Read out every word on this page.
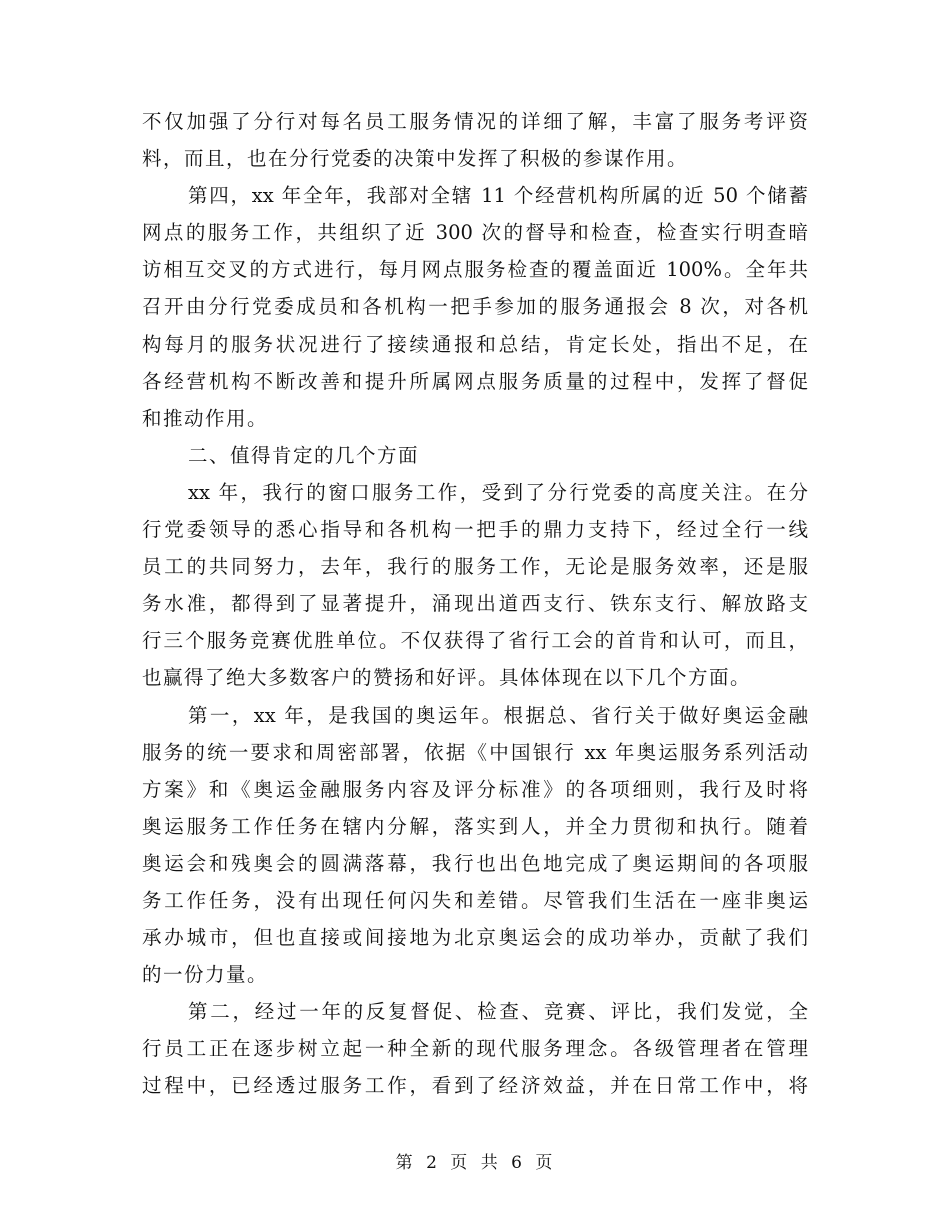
不仅加强了分行对每名员工服务情况的详细了解，丰富了服务考评资
料，而且，也在分行党委的决策中发挥了积极的参谋作用。
第四，xx 年全年，我部对全辖 11 个经营机构所属的近 50 个储蓄
网点的服务工作，共组织了近 300 次的督导和检查，检查实行明查暗
访相互交叉的方式进行，每月网点服务检查的覆盖面近 100%。全年共
召开由分行党委成员和各机构一把手参加的服务通报会 8 次，对各机
构每月的服务状况进行了接续通报和总结，肯定长处，指出不足，在
各经营机构不断改善和提升所属网点服务质量的过程中，发挥了督促
和推动作用。
二、值得肯定的几个方面
xx 年，我行的窗口服务工作，受到了分行党委的高度关注。在分
行党委领导的悉心指导和各机构一把手的鼎力支持下，经过全行一线
员工的共同努力，去年，我行的服务工作，无论是服务效率，还是服
务水准，都得到了显著提升，涌现出道西支行、铁东支行、解放路支
行三个服务竞赛优胜单位。不仅获得了省行工会的首肯和认可，而且，
也赢得了绝大多数客户的赞扬和好评。具体体现在以下几个方面。
第一，xx 年，是我国的奥运年。根据总、省行关于做好奥运金融
服务的统一要求和周密部署，依据《中国银行 xx 年奥运服务系列活动
方案》和《奥运金融服务内容及评分标准》的各项细则，我行及时将
奥运服务工作任务在辖内分解，落实到人，并全力贯彻和执行。随着
奥运会和残奥会的圆满落幕，我行也出色地完成了奥运期间的各项服
务工作任务，没有出现任何闪失和差错。尽管我们生活在一座非奥运
承办城市，但也直接或间接地为北京奥运会的成功举办，贡献了我们
的一份力量。
第二，经过一年的反复督促、检查、竞赛、评比，我们发觉，全
行员工正在逐步树立起一种全新的现代服务理念。各级管理者在管理
过程中，已经透过服务工作，看到了经济效益，并在日常工作中，将
第 2 页 共 6 页
